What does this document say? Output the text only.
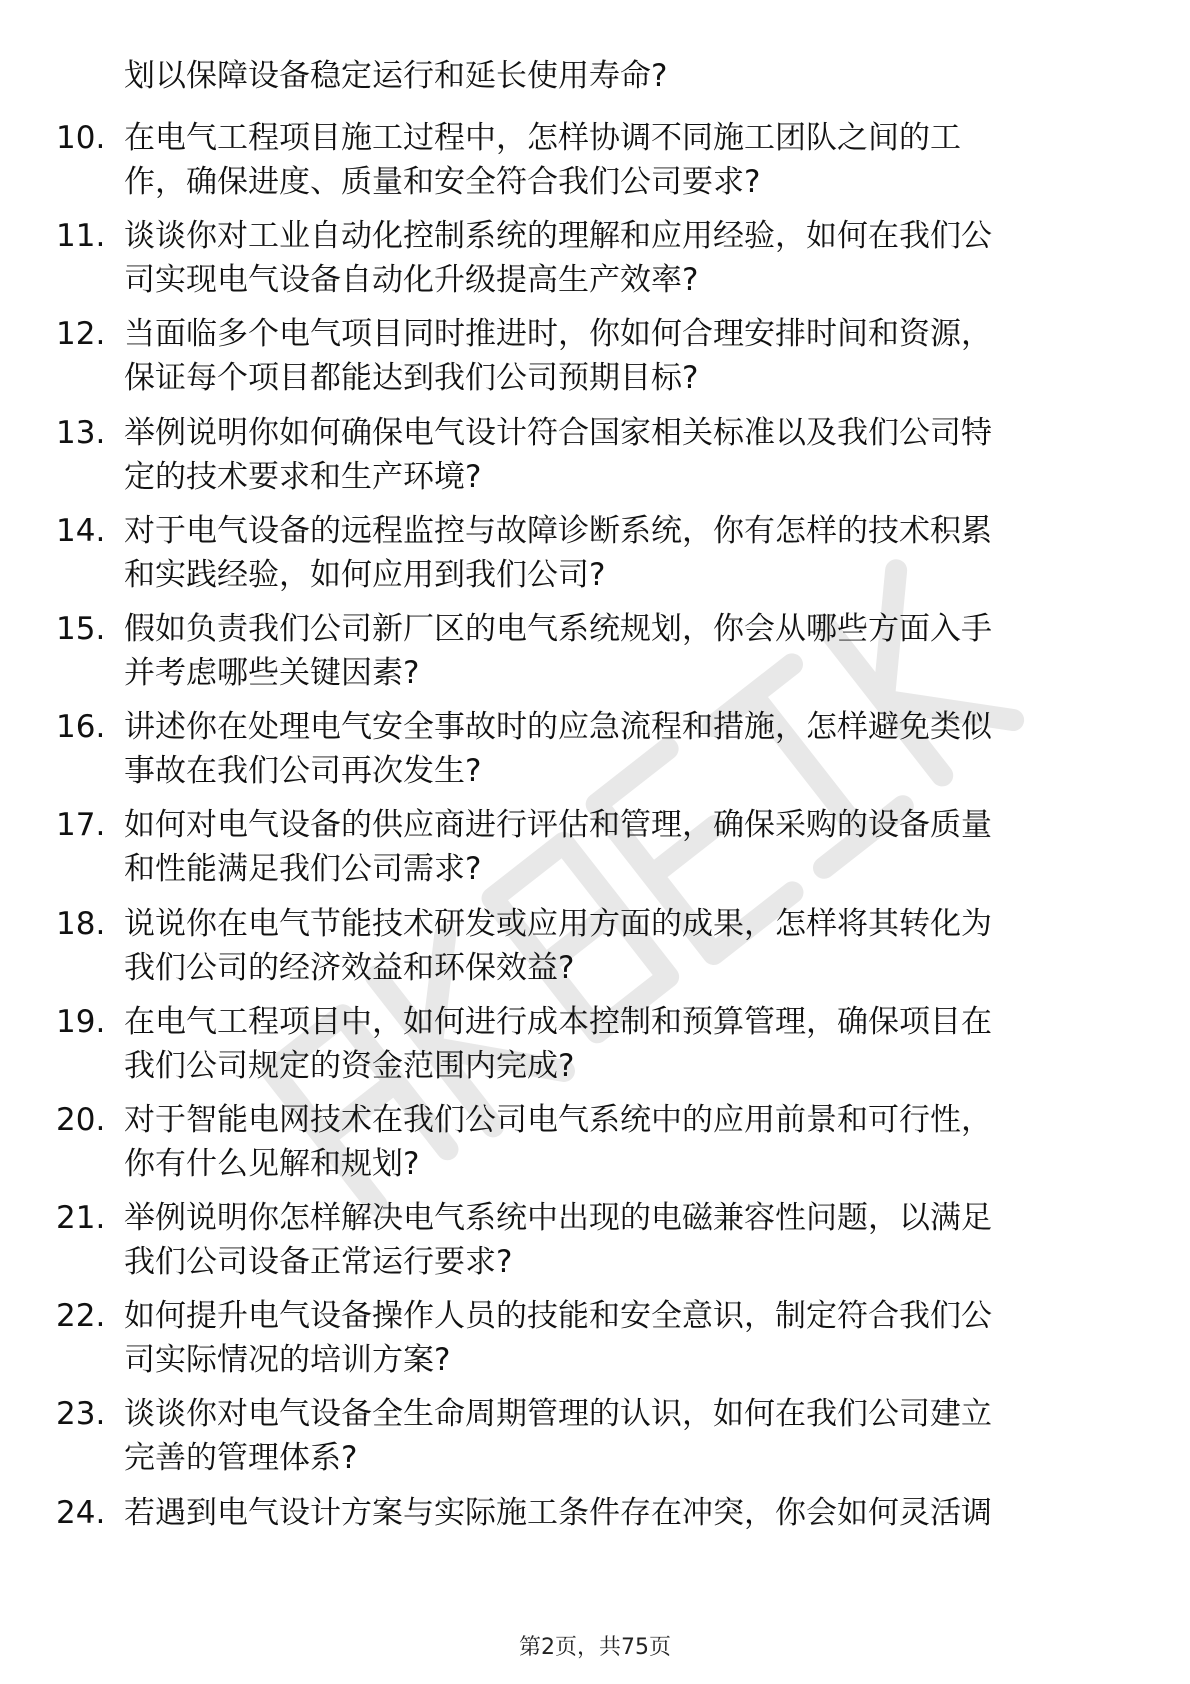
划以保障设备稳定运行和延长使用寿命?
10. 在电气工程项目施工过程中，怎样协调不同施工团队之间的工
作，确保进度、质量和安全符合我们公司要求?
11. 谈谈你对工业自动化控制系统的理解和应用经验，如何在我们公
司实现电气设备自动化升级提高生产效率?
12. 当面临多个电气项目同时推进时，你如何合理安排时间和资源，
保证每个项目都能达到我们公司预期目标?
13. 举例说明你如何确保电气设计符合国家相关标准以及我们公司特
定的技术要求和生产环境?
14. 对于电气设备的远程监控与故障诊断系统，你有怎样的技术积累
和实践经验，如何应用到我们公司?
15. 假如负责我们公司新厂区的电气系统规划，你会从哪些方面入手
并考虑哪些关键因素?
16. 讲述你在处理电气安全事故时的应急流程和措施，怎样避免类似
事故在我们公司再次发生?
17. 如何对电气设备的供应商进行评估和管理，确保采购的设备质量
和性能满足我们公司需求?
18. 说说你在电气节能技术研发或应用方面的成果，怎样将其转化为
我们公司的经济效益和环保效益?
19. 在电气工程项目中，如何进行成本控制和预算管理，确保项目在
我们公司规定的资金范围内完成?
20. 对于智能电网技术在我们公司电气系统中的应用前景和可行性，
你有什么见解和规划?
21. 举例说明你怎样解决电气系统中出现的电磁兼容性问题，以满足
我们公司设备正常运行要求?
22. 如何提升电气设备操作人员的技能和安全意识，制定符合我们公
司实际情况的培训方案?
23. 谈谈你对电气设备全生命周期管理的认识，如何在我们公司建立
完善的管理体系?
24. 若遇到电气设计方案与实际施工条件存在冲突，你会如何灵活调
第2页，共75页
